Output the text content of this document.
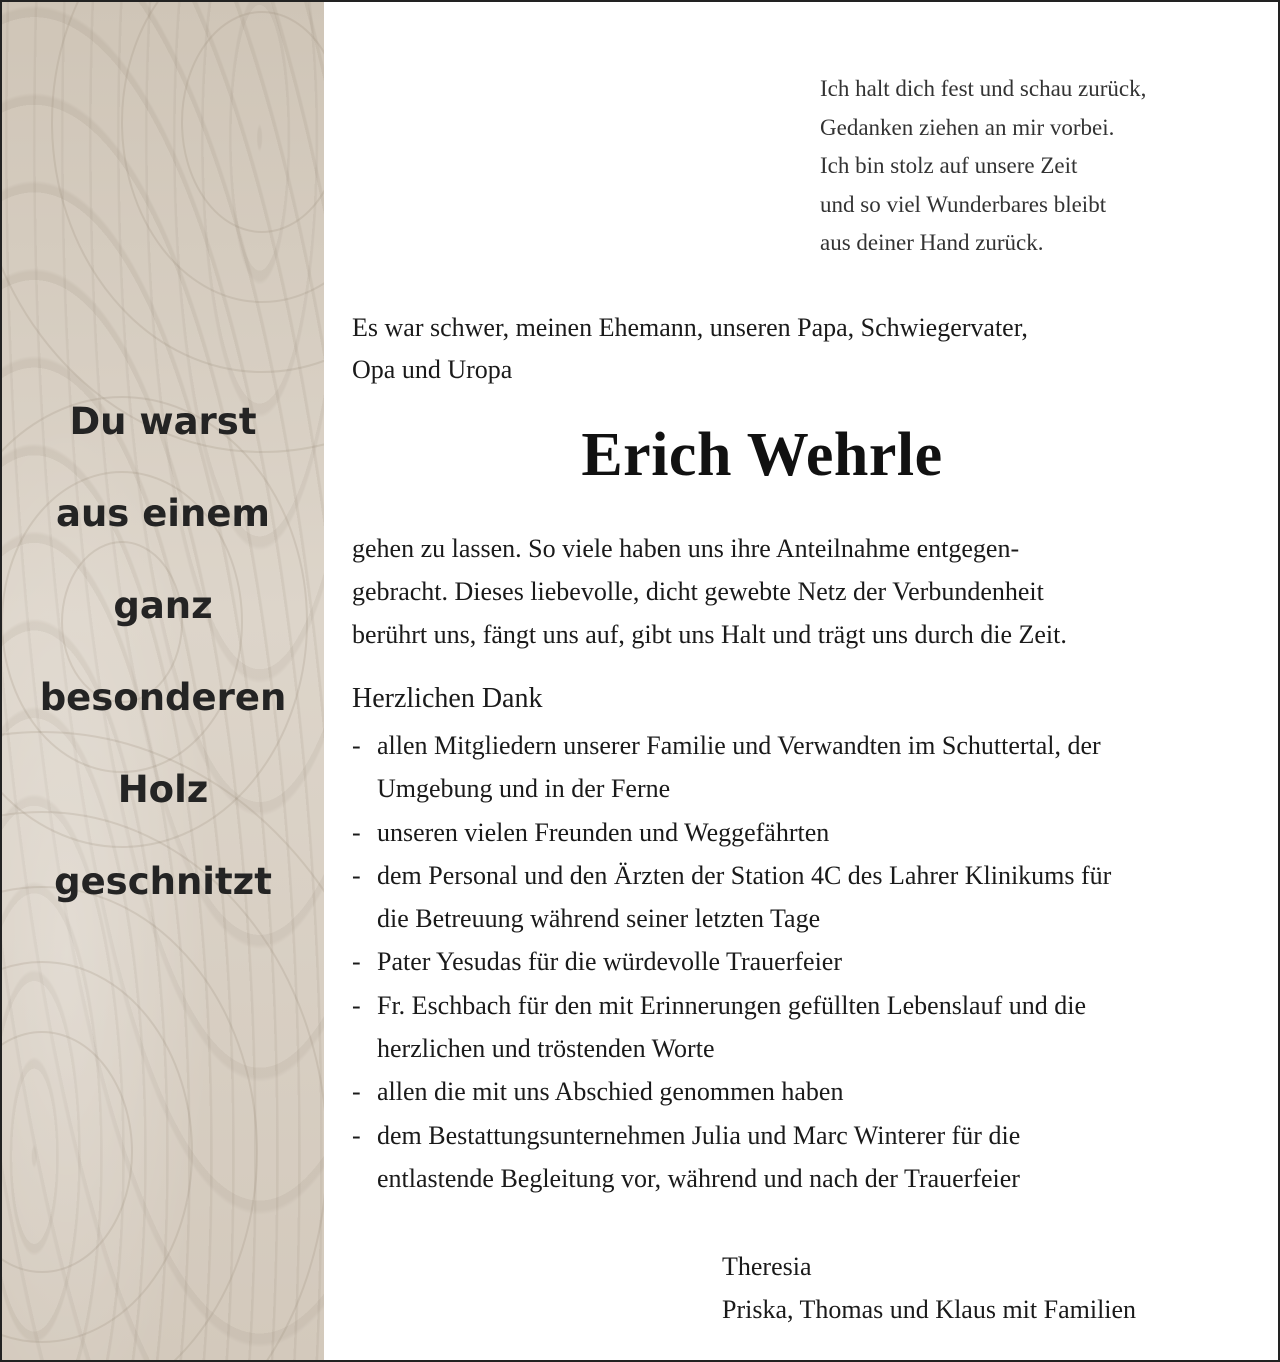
Du warst
aus einem
ganz
besonderen
Holz
geschnitzt
Ich halt dich fest und schau zurück,
Gedanken ziehen an mir vorbei.
Ich bin stolz auf unsere Zeit
und so viel Wunderbares bleibt
aus deiner Hand zurück.
Es war schwer, meinen Ehemann, unseren Papa, Schwiegervater,
Opa und Uropa
Erich Wehrle
gehen zu lassen. So viele haben uns ihre Anteilnahme entgegen-
gebracht. Dieses liebevolle, dicht gewebte Netz der Verbundenheit
berührt uns, fängt uns auf, gibt uns Halt und trägt uns durch die Zeit.
Herzlichen Dank
- allen Mitgliedern unserer Familie und Verwandten im Schuttertal, der
Umgebung und in der Ferne
- unseren vielen Freunden und Weggefährten
- dem Personal und den Ärzten der Station 4C des Lahrer Klinikums für
die Betreuung während seiner letzten Tage
- Pater Yesudas für die würdevolle Trauerfeier
- Fr. Eschbach für den mit Erinnerungen gefüllten Lebenslauf und die
herzlichen und tröstenden Worte
- allen die mit uns Abschied genommen haben
- dem Bestattungsunternehmen Julia und Marc Winterer für die
entlastende Begleitung vor, während und nach der Trauerfeier
Theresia
Priska, Thomas und Klaus mit Familien
